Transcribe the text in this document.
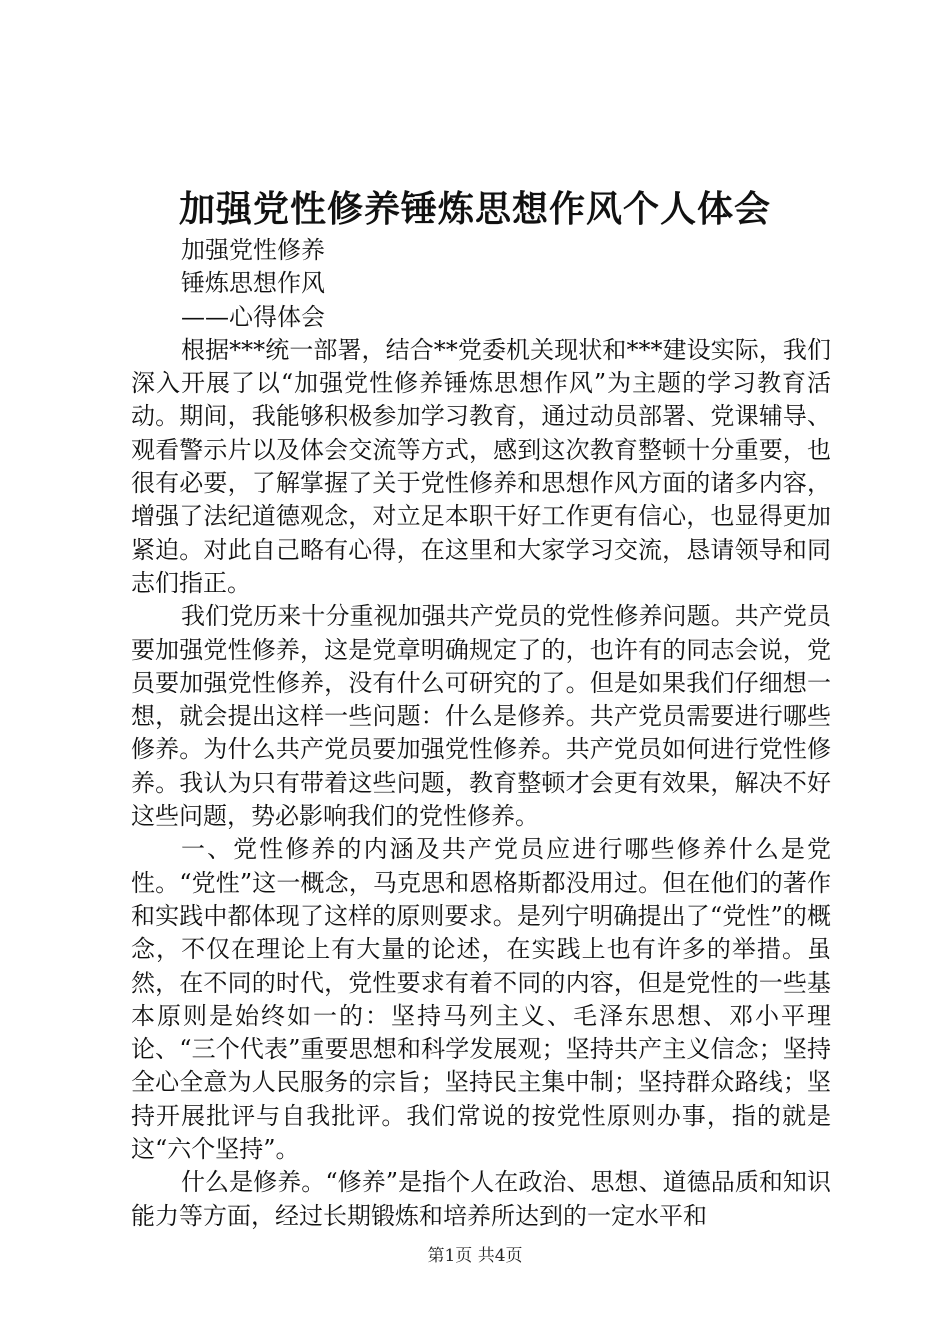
加强党性修养锤炼思想作风个人体会

加强党性修养

锤炼思想作风

——心得体会

根据***统一部署，结合**党委机关现状和***建设实际，我们深入开展了以“加强党性修养锤炼思想作风”为主题的学习教育活动。期间，我能够积极参加学习教育，通过动员部署、党课辅导、观看警示片以及体会交流等方式，感到这次教育整顿十分重要，也很有必要，了解掌握了关于党性修养和思想作风方面的诸多内容，增强了法纪道德观念，对立足本职干好工作更有信心，也显得更加紧迫。对此自己略有心得，在这里和大家学习交流，恳请领导和同志们指正。

我们党历来十分重视加强共产党员的党性修养问题。共产党员要加强党性修养，这是党章明确规定了的，也许有的同志会说，党员要加强党性修养，没有什么可研究的了。但是如果我们仔细想一想，就会提出这样一些问题：什么是修养。共产党员需要进行哪些修养。为什么共产党员要加强党性修养。共产党员如何进行党性修养。我认为只有带着这些问题，教育整顿才会更有效果，解决不好这些问题，势必影响我们的党性修养。

一、党性修养的内涵及共产党员应进行哪些修养什么是党性。“党性”这一概念，马克思和恩格斯都没用过。但在他们的著作和实践中都体现了这样的原则要求。是列宁明确提出了“党性”的概念，不仅在理论上有大量的论述，在实践上也有许多的举措。虽然，在不同的时代，党性要求有着不同的内容，但是党性的一些基本原则是始终如一的：坚持马列主义、毛泽东思想、邓小平理论、“三个代表”重要思想和科学发展观；坚持共产主义信念；坚持全心全意为人民服务的宗旨；坚持民主集中制；坚持群众路线；坚持开展批评与自我批评。我们常说的按党性原则办事，指的就是这“六个坚持”。

什么是修养。“修养”是指个人在政治、思想、道德品质和知识能力等方面，经过长期锻炼和培养所达到的一定水平和

第1页 共4页
